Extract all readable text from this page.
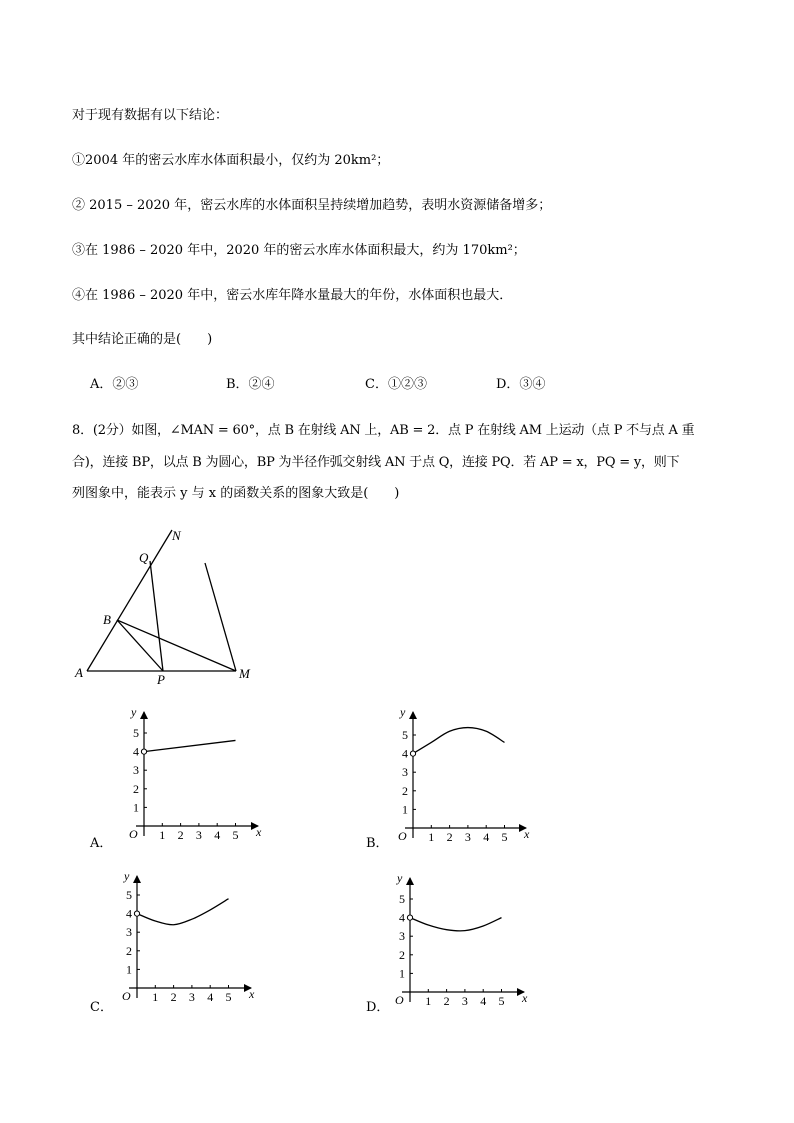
对于现有数据有以下结论：
①2004 年的密云水库水体面积最小，仅约为 20km²；
② 2015 – 2020 年，密云水库的水体面积呈持续增加趋势，表明水资源储备增多；
③在 1986 – 2020 年中，2020 年的密云水库水体面积最大，约为 170km²；
④在 1986 – 2020 年中，密云水库年降水量最大的年份，水体面积也最大．
其中结论正确的是(　　)
A．②③	B．②④	C．①②③	D．③④
8．(2分）如图，∠MAN = 60°，点 B 在射线 AN 上，AB = 2．点 P 在射线 AM 上运动（点 P 不与点 A 重
合)，连接 BP，以点 B 为圆心，BP 为半径作弧交射线 AN 于点 Q，连接 PQ．若 AP = x，PQ = y，则下
列图象中，能表示 y 与 x 的函数关系的图象大致是(　　)
A
B
M
N
P
Q
A．	B．
C．	D．
y
x
O 1 2 3 4 5
1
2
3
4
5
y
x
O 1 2 3 4 5
1
2
3
4
5
y
x
O 1 2 3 4 5
1
2
3
4
5
y
x
O 1 2 3 4 5
1
2
3
4
5
